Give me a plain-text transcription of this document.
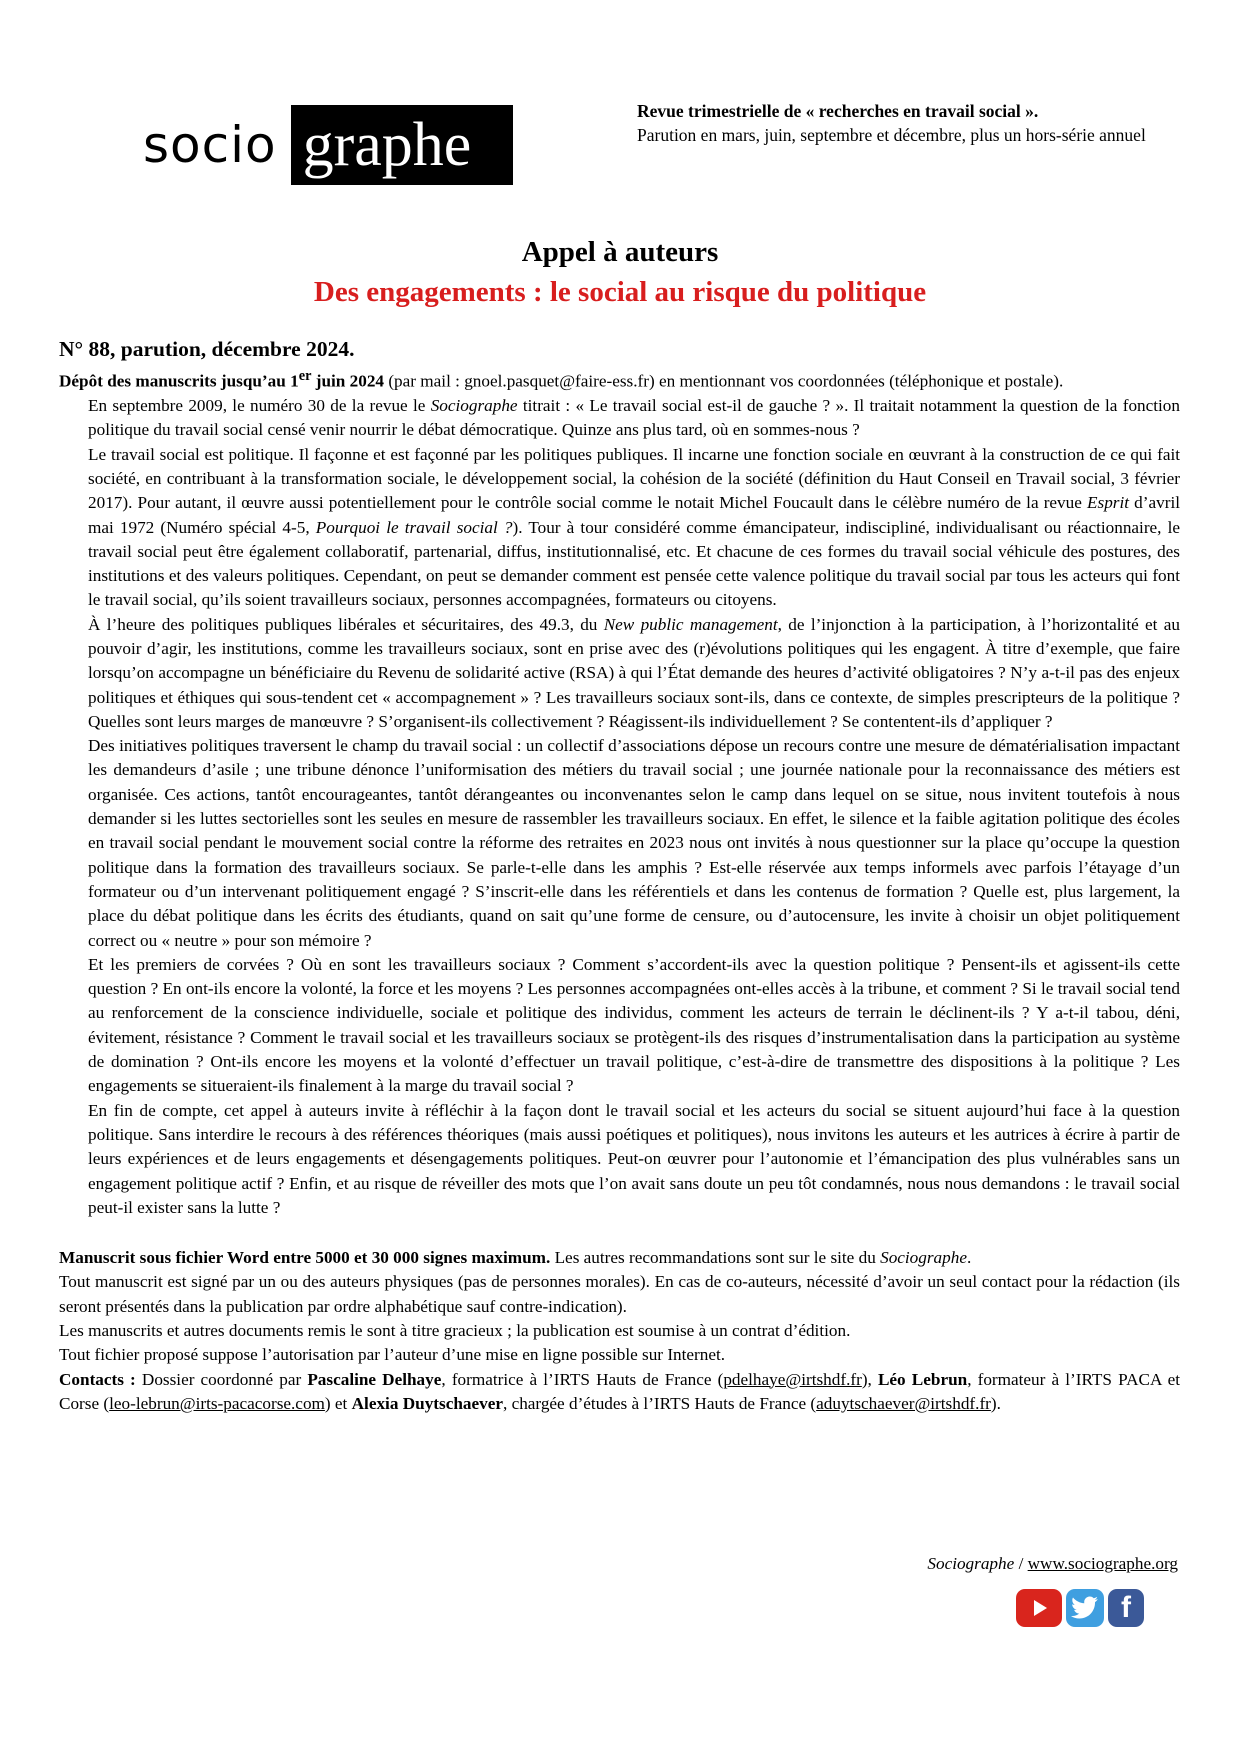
socio graphe	Revue trimestrielle de « recherches en travail social ».
Parution en mars, juin, septembre et décembre, plus un hors-série annuel
Appel à auteurs
Des engagements : le social au risque du politique
N° 88, parution, décembre 2024.

Dépôt des manuscrits jusqu’au 1er juin 2024 (par mail : gnoel.pasquet@faire-ess.fr) en mentionnant vos coordonnées (téléphonique et postale).

En septembre 2009, le numéro 30 de la revue le Sociographe titrait : « Le travail social est-il de gauche ? ». Il traitait notamment la question de la fonction politique du travail social censé venir nourrir le débat démocratique. Quinze ans plus tard, où en sommes-nous ?

Le travail social est politique. Il façonne et est façonné par les politiques publiques. Il incarne une fonction sociale en œuvrant à la construction de ce qui fait société, en contribuant à la transformation sociale, le développement social, la cohésion de la société (définition du Haut Conseil en Travail social, 3 février 2017). Pour autant, il œuvre aussi potentiellement pour le contrôle social comme le notait Michel Foucault dans le célèbre numéro de la revue Esprit d’avril mai 1972 (Numéro spécial 4-5, Pourquoi le travail social ?). Tour à tour considéré comme émancipateur, indiscipliné, individualisant ou réactionnaire, le travail social peut être également collaboratif, partenarial, diffus, institutionnalisé, etc. Et chacune de ces formes du travail social véhicule des postures, des institutions et des valeurs politiques. Cependant, on peut se demander comment est pensée cette valence politique du travail social par tous les acteurs qui font le travail social, qu’ils soient travailleurs sociaux, personnes accompagnées, formateurs ou citoyens.

À l’heure des politiques publiques libérales et sécuritaires, des 49.3, du New public management, de l’injonction à la participation, à l’horizontalité et au pouvoir d’agir, les institutions, comme les travailleurs sociaux, sont en prise avec des (r)évolutions politiques qui les engagent. À titre d’exemple, que faire lorsqu’on accompagne un bénéficiaire du Revenu de solidarité active (RSA) à qui l’État demande des heures d’activité obligatoires ? N’y a-t-il pas des enjeux politiques et éthiques qui sous-tendent cet « accompagnement » ? Les travailleurs sociaux sont-ils, dans ce contexte, de simples prescripteurs de la politique ? Quelles sont leurs marges de manœuvre ? S’organisent-ils collectivement ? Réagissent-ils individuellement ? Se contentent-ils d’appliquer ?

Des initiatives politiques traversent le champ du travail social : un collectif d’associations dépose un recours contre une mesure de dématérialisation impactant les demandeurs d’asile ; une tribune dénonce l’uniformisation des métiers du travail social ; une journée nationale pour la reconnaissance des métiers est organisée. Ces actions, tantôt encourageantes, tantôt dérangeantes ou inconvenantes selon le camp dans lequel on se situe, nous invitent toutefois à nous demander si les luttes sectorielles sont les seules en mesure de rassembler les travailleurs sociaux. En effet, le silence et la faible agitation politique des écoles en travail social pendant le mouvement social contre la réforme des retraites en 2023 nous ont invités à nous questionner sur la place qu’occupe la question politique dans la formation des travailleurs sociaux. Se parle-t-elle dans les amphis ? Est-elle réservée aux temps informels avec parfois l’étayage d’un formateur ou d’un intervenant politiquement engagé ? S’inscrit-elle dans les référentiels et dans les contenus de formation ? Quelle est, plus largement, la place du débat politique dans les écrits des étudiants, quand on sait qu’une forme de censure, ou d’autocensure, les invite à choisir un objet politiquement correct ou « neutre » pour son mémoire ?

Et les premiers de corvées ? Où en sont les travailleurs sociaux ? Comment s’accordent-ils avec la question politique ? Pensent-ils et agissent-ils cette question ? En ont-ils encore la volonté, la force et les moyens ? Les personnes accompagnées ont-elles accès à la tribune, et comment ? Si le travail social tend au renforcement de la conscience individuelle, sociale et politique des individus, comment les acteurs de terrain le déclinent-ils ? Y a-t-il tabou, déni, évitement, résistance ? Comment le travail social et les travailleurs sociaux se protègent-ils des risques d’instrumentalisation dans la participation au système de domination ? Ont-ils encore les moyens et la volonté d’effectuer un travail politique, c’est-à-dire de transmettre des dispositions à la politique ? Les engagements se situeraient-ils finalement à la marge du travail social ?

En fin de compte, cet appel à auteurs invite à réfléchir à la façon dont le travail social et les acteurs du social se situent aujourd’hui face à la question politique. Sans interdire le recours à des références théoriques (mais aussi poétiques et politiques), nous invitons les auteurs et les autrices à écrire à partir de leurs expériences et de leurs engagements et désengagements politiques. Peut-on œuvrer pour l’autonomie et l’émancipation des plus vulnérables sans un engagement politique actif ? Enfin, et au risque de réveiller des mots que l’on avait sans doute un peu tôt condamnés, nous nous demandons : le travail social peut-il exister sans la lutte ?

Manuscrit sous fichier Word entre 5000 et 30 000 signes maximum. Les autres recommandations sont sur le site du Sociographe.

Tout manuscrit est signé par un ou des auteurs physiques (pas de personnes morales). En cas de co-auteurs, nécessité d’avoir un seul contact pour la rédaction (ils seront présentés dans la publication par ordre alphabétique sauf contre-indication).

Les manuscrits et autres documents remis le sont à titre gracieux ; la publication est soumise à un contrat d’édition.

Tout fichier proposé suppose l’autorisation par l’auteur d’une mise en ligne possible sur Internet.

Contacts : Dossier coordonné par Pascaline Delhaye, formatrice à l’IRTS Hauts de France (pdelhaye@irtshdf.fr), Léo Lebrun, formateur à l’IRTS PACA et Corse (leo-lebrun@irts-pacacorse.com) et Alexia Duytschaever, chargée d’études à l’IRTS Hauts de France (aduytschaever@irtshdf.fr).

Sociographe / www.sociographe.org
f
